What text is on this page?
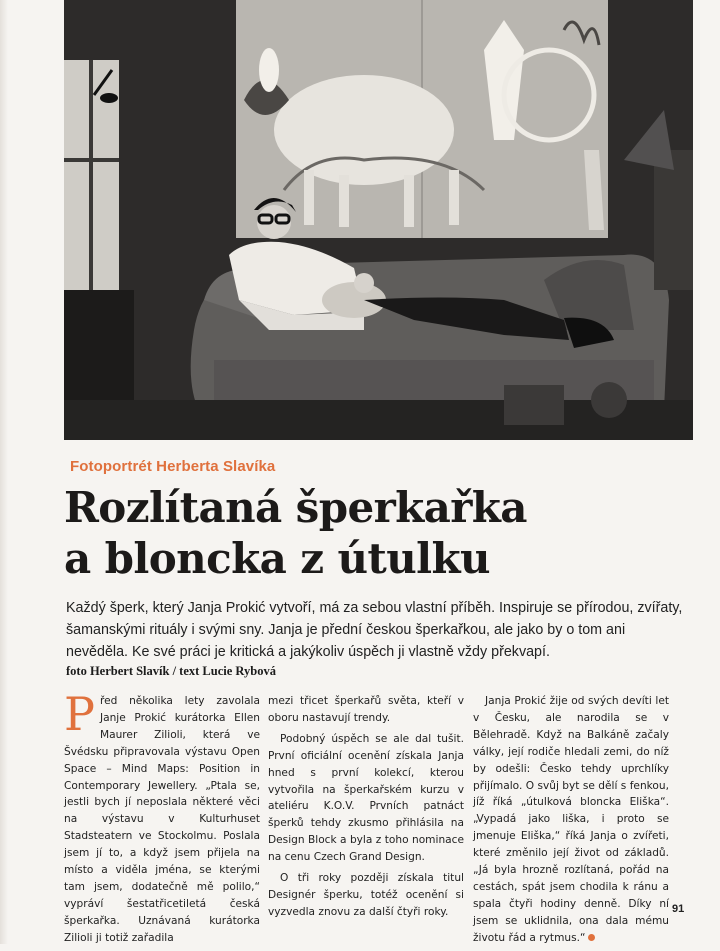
Fotoportrét Herberta Slavíka
Rozlítaná šperkařka
a bloncka z útulku
Každý šperk, který Janja Prokić vytvoří, má za sebou vlastní příběh. Inspiruje se přírodou, zvířaty, šamanskými rituály i svými sny. Janja je přední českou šperkařkou, ale jako by o tom ani nevěděla. Ke své práci je kritická a jakýkoliv úspěch ji vlastně vždy překvapí.
foto Herbert Slavík / text Lucie Rybová

Před několika lety zavolala Janje Prokić kurátorka Ellen Maurer Zilioli, která ve Švédsku připravovala výstavu Open Space – Mind Maps: Position in Contemporary Jewellery. „Ptala se, jestli bych jí neposlala některé věci na výstavu v Kulturhuset Stadsteatern ve Stockolmu. Poslala jsem jí to, a když jsem přijela na místo a viděla jména, se kterými tam jsem, dodatečně mě polilo,“ vypráví šestatřicetiletá česká šperkařka. Uznávaná kurátorka Zilioli ji totiž zařadila

mezi třicet šperkařů světa, kteří v oboru nastavují trendy.

Podobný úspěch se ale dal tušit. První oficiální ocenění získala Janja hned s první kolekcí, kterou vytvořila na šperkařském kurzu v ateliéru K.O.V. Prvních patnáct šperků tehdy zkusmo přihlásila na Design Block a byla z toho nominace na cenu Czech Grand Design.

O tři roky později získala titul Designér šperku, totéž ocenění si vyzvedla znovu za další čtyři roky.

Janja Prokić žije od svých devíti let v Česku, ale narodila se v Bělehradě. Když na Balkáně začaly války, její rodiče hledali zemi, do níž by odešli: Česko tehdy uprchlíky přijímalo. O svůj byt se dělí s fenkou, jíž říká „útulková bloncka Eliška“. „Vypadá jako liška, i proto se jmenuje Eliška,“ říká Janja o zvířeti, které změnilo její život od základů. „Já byla hrozně rozlítaná, pořád na cestách, spát jsem chodila k ránu a spala čtyři hodiny denně. Díky ní jsem se uklidnila, ona dala mému životu řád a rytmus.“

91
